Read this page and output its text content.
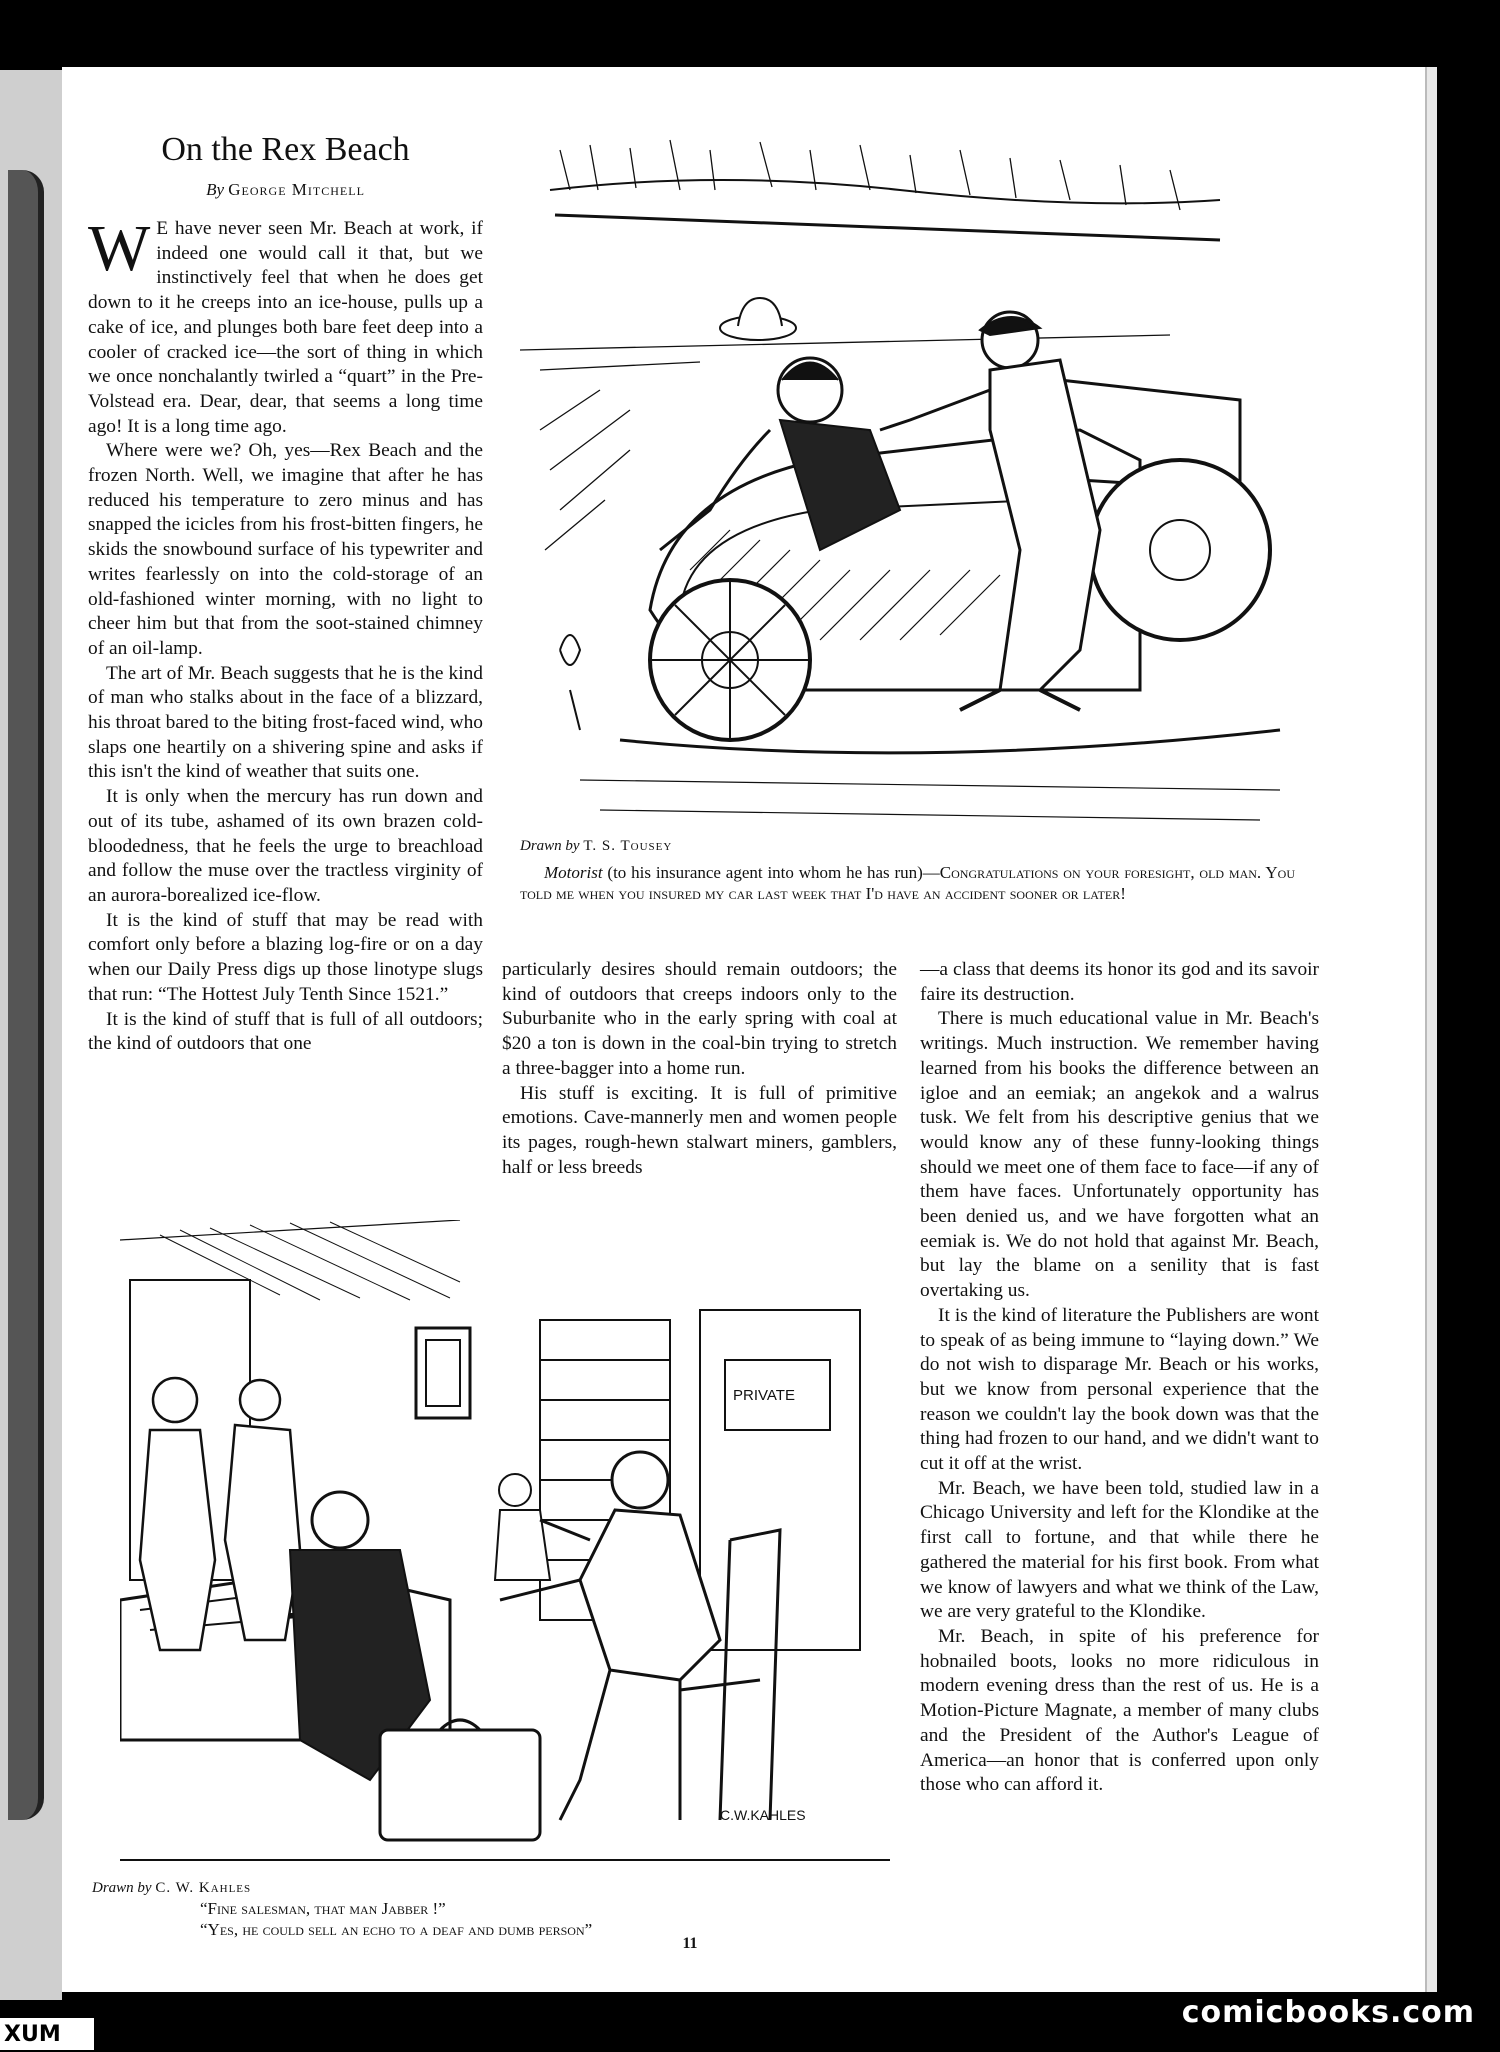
On the Rex Beach
By George Mitchell
W E have never seen Mr. Beach at work, if indeed one would call it that, but we instinctively feel that when he does get down to it he creeps into an ice-house, pulls up a cake of ice, and plunges both bare feet deep into a cooler of cracked ice—the sort of thing in which we once nonchalantly twirled a “quart” in the Pre-Volstead era. Dear, dear, that seems a long time ago! It is a long time ago.

Where were we? Oh, yes—Rex Beach and the frozen North. Well, we imagine that after he has reduced his temperature to zero minus and has snapped the icicles from his frost-bitten fingers, he skids the snowbound surface of his typewriter and writes fearlessly on into the cold-storage of an old-fashioned winter morning, with no light to cheer him but that from the soot-stained chimney of an oil-lamp.

The art of Mr. Beach suggests that he is the kind of man who stalks about in the face of a blizzard, his throat bared to the biting frost-faced wind, who slaps one heartily on a shivering spine and asks if this isn't the kind of weather that suits one.

It is only when the mercury has run down and out of its tube, ashamed of its own brazen cold-bloodedness, that he feels the urge to breachload and follow the muse over the tractless virginity of an aurora-borealized ice-flow.

It is the kind of stuff that may be read with comfort only before a blazing log-fire or on a day when our Daily Press digs up those linotype slugs that run: “The Hottest July Tenth Since 1521.”

It is the kind of stuff that is full of all outdoors; the kind of outdoors that one

particularly desires should remain outdoors; the kind of outdoors that creeps indoors only to the Suburbanite who in the early spring with coal at $20 a ton is down in the coal-bin trying to stretch a three-bagger into a home run.

His stuff is exciting. It is full of primitive emotions. Cave-mannerly men and women people its pages, rough-hewn stalwart miners, gamblers, half or less breeds

—a class that deems its honor its god and its savoir faire its destruction.

There is much educational value in Mr. Beach's writings. Much instruction. We remember having learned from his books the difference between an igloe and an eemiak; an angekok and a walrus tusk. We felt from his descriptive genius that we would know any of these funny-looking things should we meet one of them face to face—if any of them have faces. Unfortunately opportunity has been denied us, and we have forgotten what an eemiak is. We do not hold that against Mr. Beach, but lay the blame on a senility that is fast overtaking us.

It is the kind of literature the Publishers are wont to speak of as being immune to “laying down.” We do not wish to disparage Mr. Beach or his works, but we know from personal experience that the reason we couldn't lay the book down was that the thing had frozen to our hand, and we didn't want to cut it off at the wrist.

Mr. Beach, we have been told, studied law in a Chicago University and left for the Klondike at the first call to fortune, and that while there he gathered the material for his first book. From what we know of lawyers and what we think of the Law, we are very grateful to the Klondike.

Mr. Beach, in spite of his preference for hobnailed boots, looks no more ridiculous in modern evening dress than the rest of us. He is a Motion-Picture Magnate, a member of many clubs and the President of the Author's League of America—an honor that is conferred upon only those who can afford it.

Drawn by T. S. Tousey
Motorist (to his insurance agent into whom he has run)—Congratulations on your foresight, old man. You told me when you insured my car last week that I'd have an accident sooner or later!
PRIVATE
C.W.KAHLES
Drawn by C. W. Kahles
“Fine salesman, that man Jabber !”
“Yes, he could sell an echo to a deaf and dumb person”
11
comicbooks.com
XUM
